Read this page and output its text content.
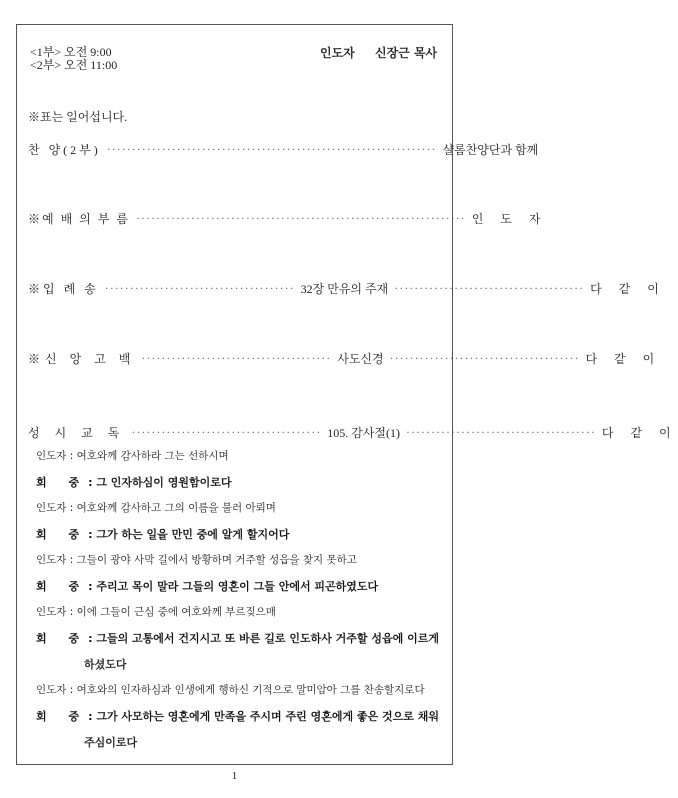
<1부> 오전 9:00
<2부> 오전 11:00
인도자 신장근 목사
※표는 일어섭니다.
찬 양(2부) ·································································· 샬롬찬양단과 함께
※예 배 의 부 름 ·································································· 인 도 자
※입 례 송 ······································ 32장 만유의 주재 ······································ 다 같 이
※신 앙 고 백 ······································ 사도신경 ······································ 다 같 이
성 시 교 독 ······································ 105. 감사절(1) ······································ 다 같 이
인도자 : 여호와께 감사하라 그는 선하시며
회 중: 그 인자하심이 영원함이로다
인도자 : 여호와께 감사하고 그의 이름을 불러 아뢰며
회 중: 그가 하는 일을 만민 중에 알게 할지어다
인도자 : 그들이 광야 사막 길에서 방황하며 거주할 성읍을 찾지 못하고
회 중: 주리고 목이 말라 그들의 영혼이 그들 안에서 피곤하였도다
인도자 : 이에 그들이 근심 중에 여호와께 부르짖으매
회 중: 그들의 고통에서 건지시고 또 바른 길로 인도하사 거주할 성읍에 이르게
하셨도다
인도자 : 여호와의 인자하심과 인생에게 행하신 기적으로 말미암아 그를 찬송할지로다
회 중: 그가 사모하는 영혼에게 만족을 주시며 주린 영혼에게 좋은 것으로 채워
주심이로다
1
